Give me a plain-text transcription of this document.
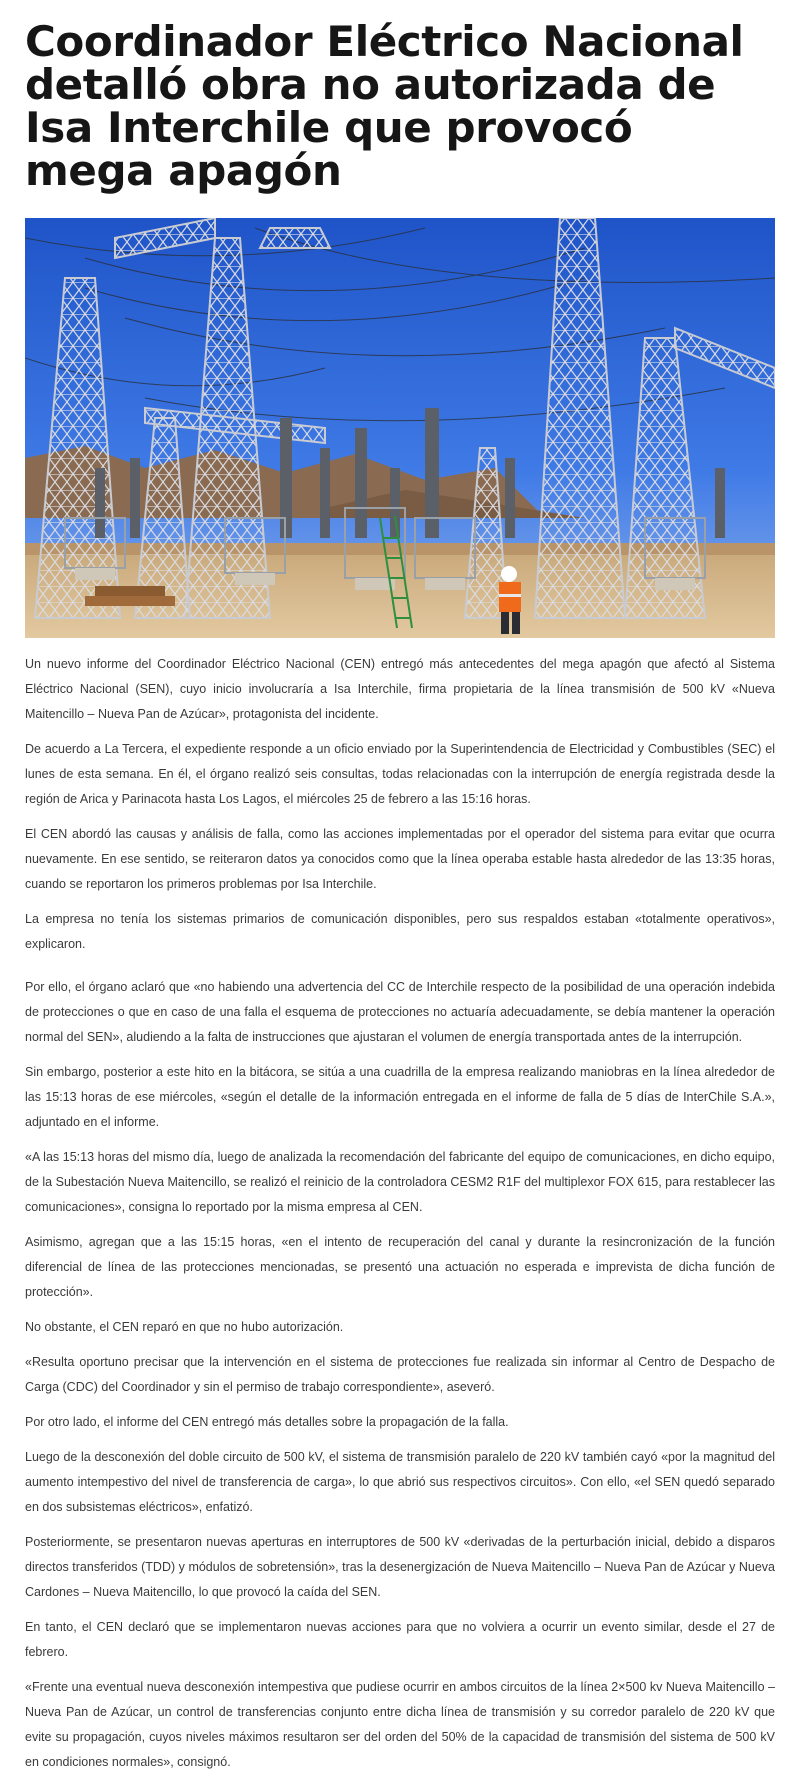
Coordinador Eléctrico Nacional detalló obra no autorizada de Isa Interchile que provocó mega apagón

Un nuevo informe del Coordinador Eléctrico Nacional (CEN) entregó más antecedentes del mega apagón que afectó al Sistema Eléctrico Nacional (SEN), cuyo inicio involucraría a Isa Interchile, firma propietaria de la línea transmisión de 500 kV «Nueva Maitencillo – Nueva Pan de Azúcar», protagonista del incidente.

De acuerdo a La Tercera, el expediente responde a un oficio enviado por la Superintendencia de Electricidad y Combustibles (SEC) el lunes de esta semana. En él, el órgano realizó seis consultas, todas relacionadas con la interrupción de energía registrada desde la región de Arica y Parinacota hasta Los Lagos, el miércoles 25 de febrero a las 15:16 horas.

El CEN abordó las causas y análisis de falla, como las acciones implementadas por el operador del sistema para evitar que ocurra nuevamente. En ese sentido, se reiteraron datos ya conocidos como que la línea operaba estable hasta alrededor de las 13:35 horas, cuando se reportaron los primeros problemas por Isa Interchile.

La empresa no tenía los sistemas primarios de comunicación disponibles, pero sus respaldos estaban «totalmente operativos», explicaron.

Por ello, el órgano aclaró que «no habiendo una advertencia del CC de Interchile respecto de la posibilidad de una operación indebida de protecciones o que en caso de una falla el esquema de protecciones no actuaría adecuadamente, se debía mantener la operación normal del SEN», aludiendo a la falta de instrucciones que ajustaran el volumen de energía transportada antes de la interrupción.

Sin embargo, posterior a este hito en la bitácora, se sitúa a una cuadrilla de la empresa realizando maniobras en la línea alrededor de las 15:13 horas de ese miércoles, «según el detalle de la información entregada en el informe de falla de 5 días de InterChile S.A.», adjuntado en el informe.

«A las 15:13 horas del mismo día, luego de analizada la recomendación del fabricante del equipo de comunicaciones, en dicho equipo, de la Subestación Nueva Maitencillo, se realizó el reinicio de la controladora CESM2 R1F del multiplexor FOX 615, para restablecer las comunicaciones», consigna lo reportado por la misma empresa al CEN.

Asimismo, agregan que a las 15:15 horas, «en el intento de recuperación del canal y durante la resincronización de la función diferencial de línea de las protecciones mencionadas, se presentó una actuación no esperada e imprevista de dicha función de protección».

No obstante, el CEN reparó en que no hubo autorización.

«Resulta oportuno precisar que la intervención en el sistema de protecciones fue realizada sin informar al Centro de Despacho de Carga (CDC) del Coordinador y sin el permiso de trabajo correspondiente», aseveró.

Por otro lado, el informe del CEN entregó más detalles sobre la propagación de la falla.

Luego de la desconexión del doble circuito de 500 kV, el sistema de transmisión paralelo de 220 kV también cayó «por la magnitud del aumento intempestivo del nivel de transferencia de carga», lo que abrió sus respectivos circuitos». Con ello, «el SEN quedó separado en dos subsistemas eléctricos», enfatizó.

Posteriormente, se presentaron nuevas aperturas en interruptores de 500 kV «derivadas de la perturbación inicial, debido a disparos directos transferidos (TDD) y módulos de sobretensión», tras la desenergización de Nueva Maitencillo – Nueva Pan de Azúcar y Nueva Cardones – Nueva Maitencillo, lo que provocó la caída del SEN.

En tanto, el CEN declaró que se implementaron nuevas acciones para que no volviera a ocurrir un evento similar, desde el 27 de febrero.

«Frente una eventual nueva desconexión intempestiva que pudiese ocurrir en ambos circuitos de la línea 2×500 kv Nueva Maitencillo – Nueva Pan de Azúcar, un control de transferencias conjunto entre dicha línea de transmisión y su corredor paralelo de 220 kV que evite su propagación, cuyos niveles máximos resultaron ser del orden del 50% de la capacidad de transmisión del sistema de 500 kV en condiciones normales», consignó.
